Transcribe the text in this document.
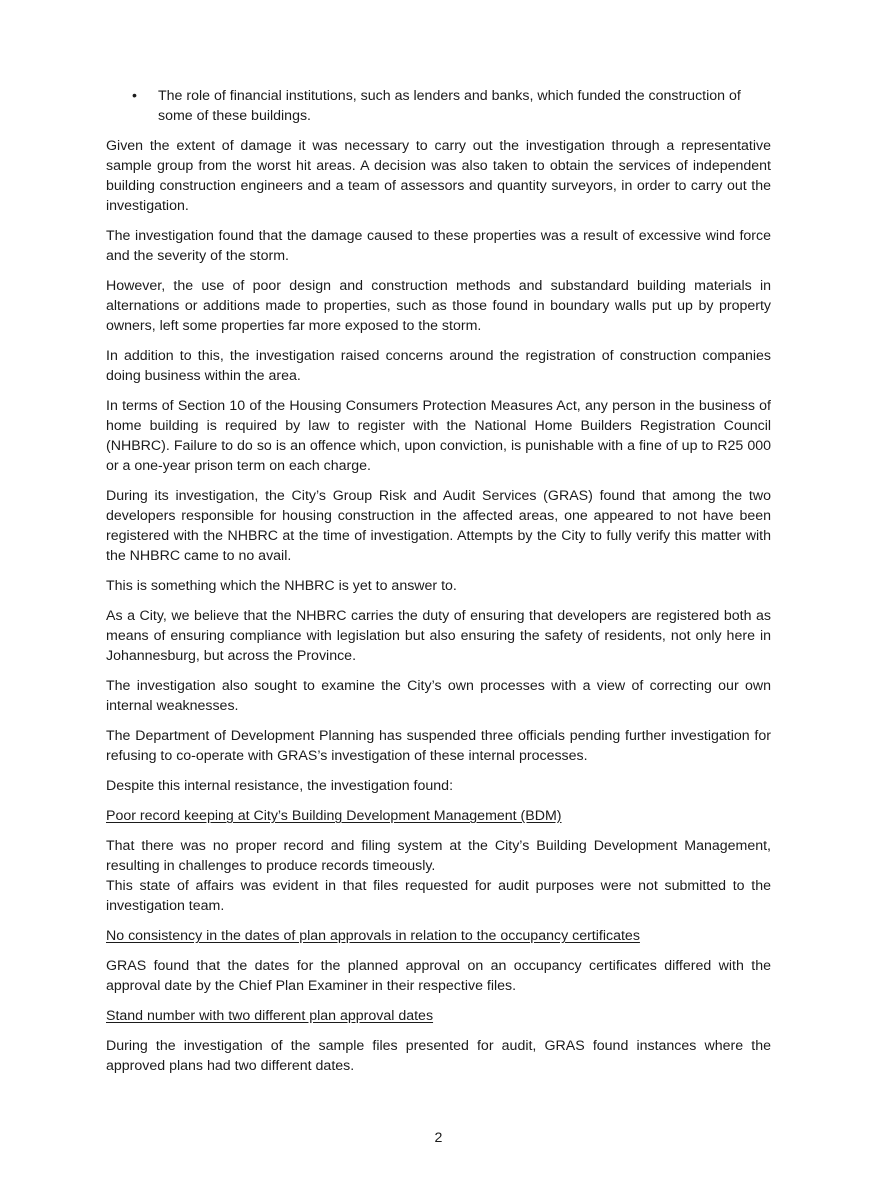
• The role of financial institutions, such as lenders and banks, which funded the construction of some of these buildings.

Given the extent of damage it was necessary to carry out the investigation through a representative sample group from the worst hit areas. A decision was also taken to obtain the services of independent building construction engineers and a team of assessors and quantity surveyors, in order to carry out the investigation.

The investigation found that the damage caused to these properties was a result of excessive wind force and the severity of the storm.

However, the use of poor design and construction methods and substandard building materials in alternations or additions made to properties, such as those found in boundary walls put up by property owners, left some properties far more exposed to the storm.

In addition to this, the investigation raised concerns around the registration of construction companies doing business within the area.

In terms of Section 10 of the Housing Consumers Protection Measures Act, any person in the business of home building is required by law to register with the National Home Builders Registration Council (NHBRC). Failure to do so is an offence which, upon conviction, is punishable with a fine of up to R25 000 or a one-year prison term on each charge.

During its investigation, the City’s Group Risk and Audit Services (GRAS) found that among the two developers responsible for housing construction in the affected areas, one appeared to not have been registered with the NHBRC at the time of investigation. Attempts by the City to fully verify this matter with the NHBRC came to no avail.

This is something which the NHBRC is yet to answer to.

As a City, we believe that the NHBRC carries the duty of ensuring that developers are registered both as means of ensuring compliance with legislation but also ensuring the safety of residents, not only here in Johannesburg, but across the Province.

The investigation also sought to examine the City’s own processes with a view of correcting our own internal weaknesses.

The Department of Development Planning has suspended three officials pending further investigation for refusing to co-operate with GRAS’s investigation of these internal processes.

Despite this internal resistance, the investigation found:

Poor record keeping at City’s Building Development Management (BDM)
That there was no proper record and filing system at the City’s Building Development Management, resulting in challenges to produce records timeously.
This state of affairs was evident in that files requested for audit purposes were not submitted to the investigation team.
No consistency in the dates of plan approvals in relation to the occupancy certificates

GRAS found that the dates for the planned approval on an occupancy certificates differed with the approval date by the Chief Plan Examiner in their respective files.

Stand number with two different plan approval dates

During the investigation of the sample files presented for audit, GRAS found instances where the approved plans had two different dates.

2
